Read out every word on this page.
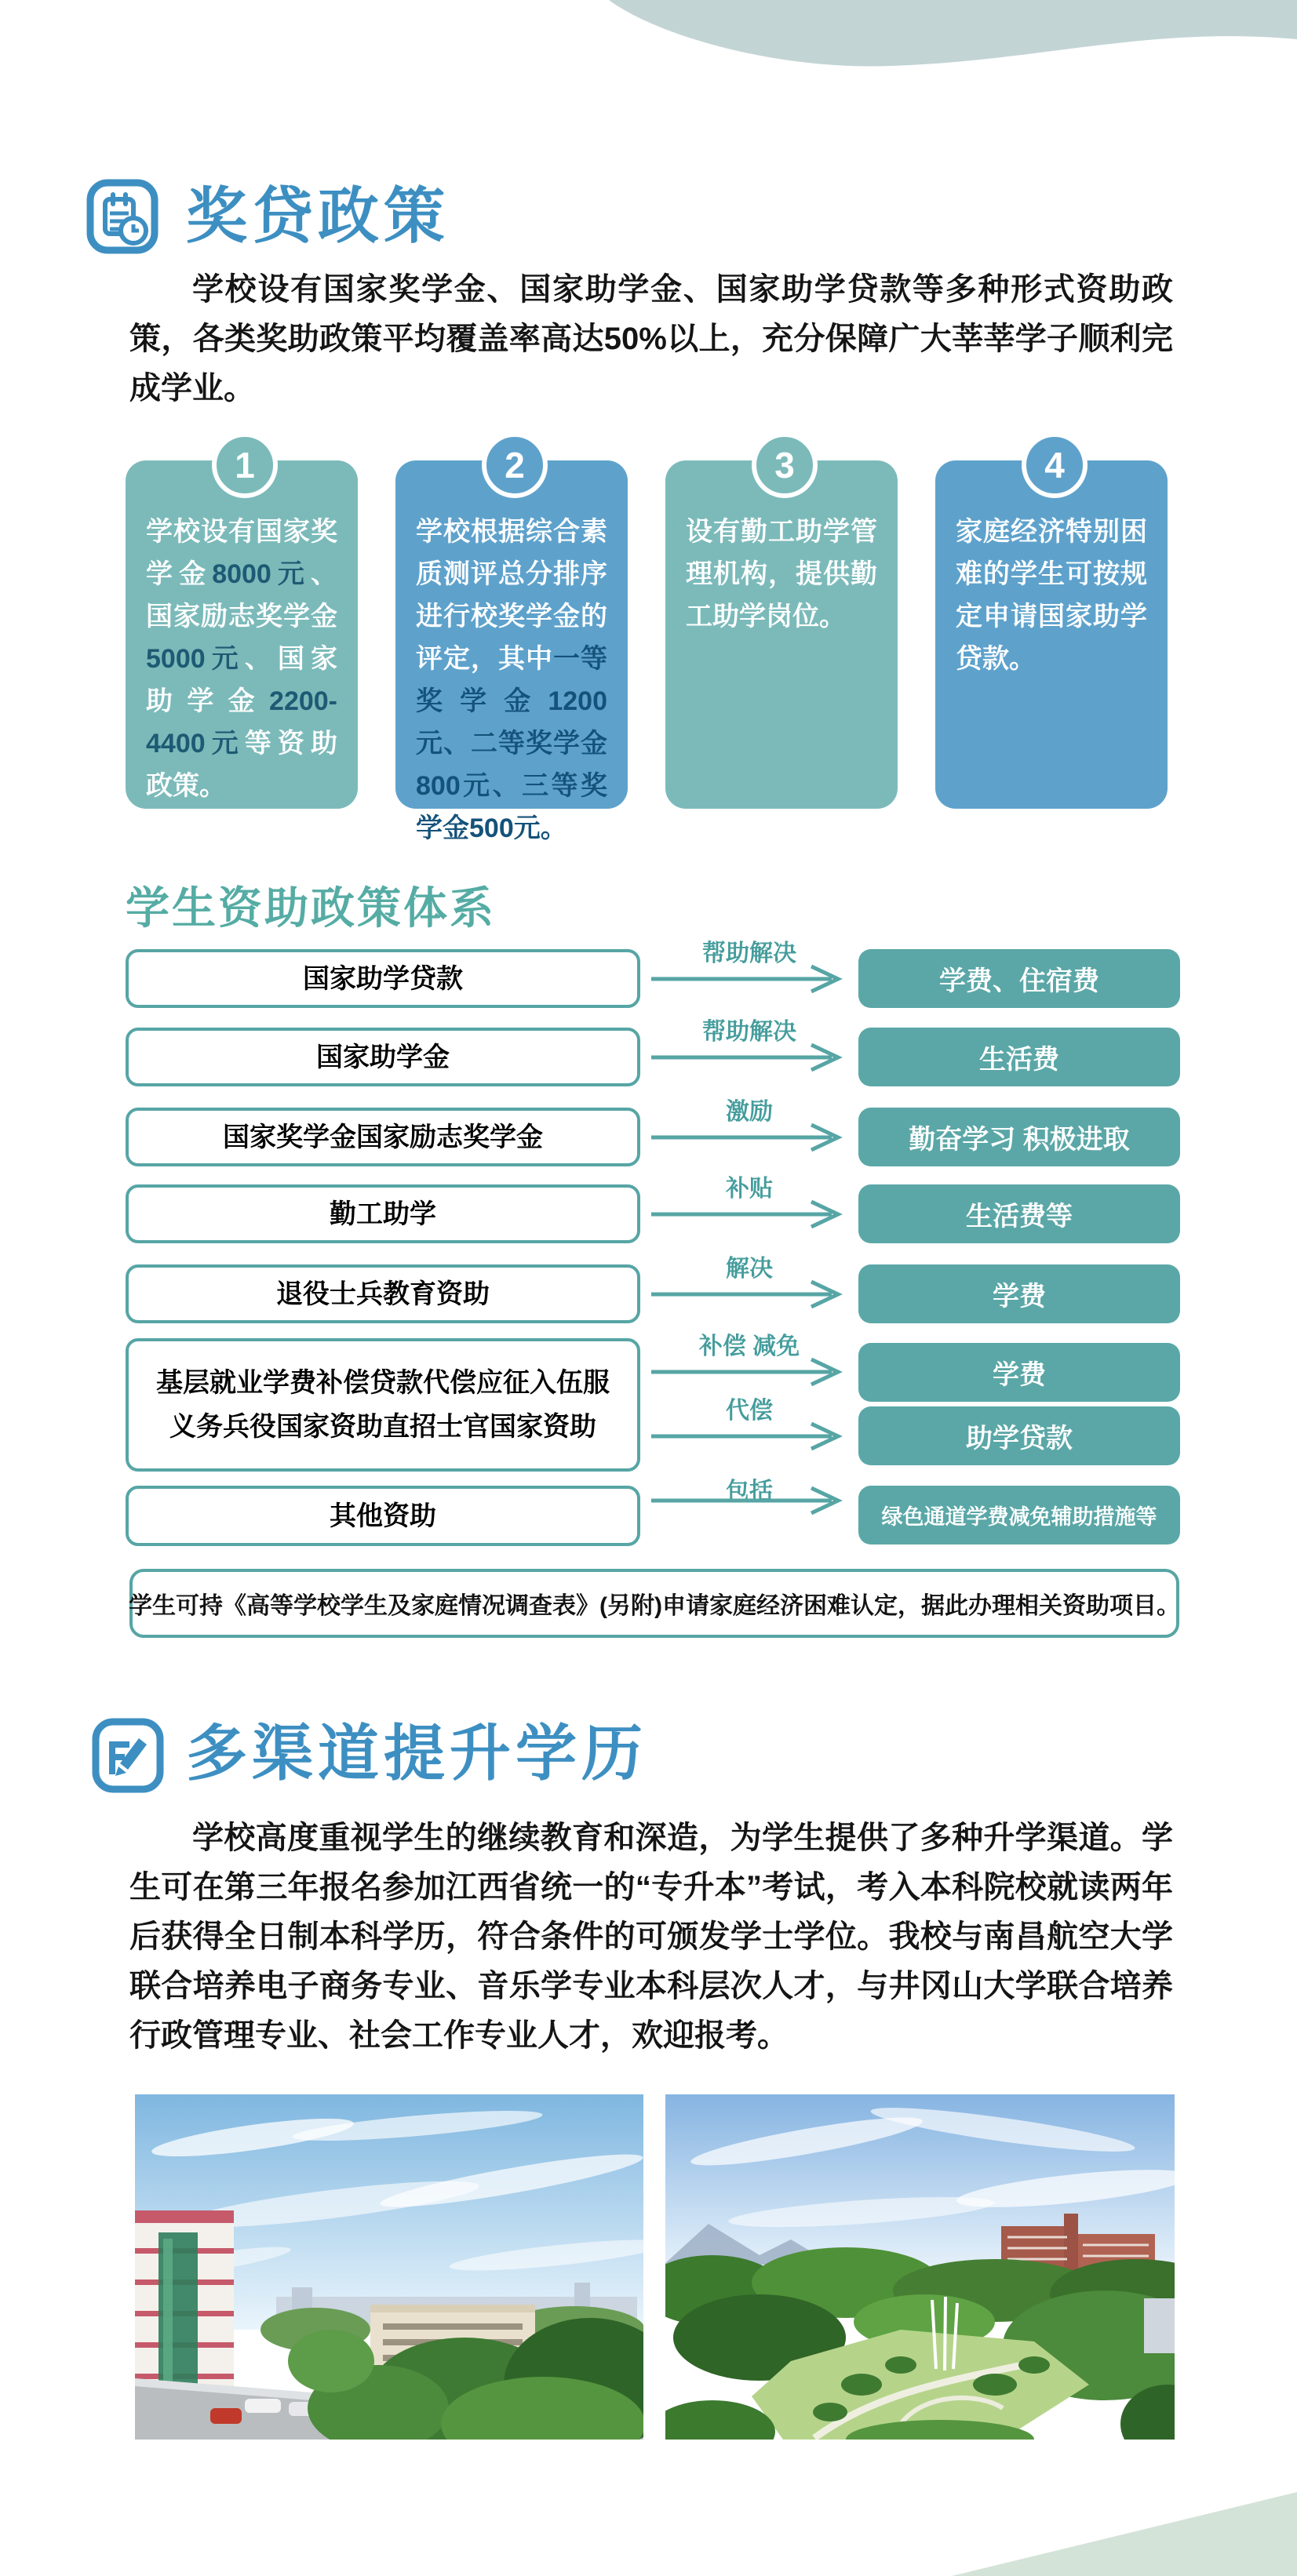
奖贷政策
学校设有国家奖学金、国家助学金、国家助学贷款等多种形式资助政策，各类奖助政策平均覆盖率高达50%以上，充分保障广大莘莘学子顺利完成学业。
学校设有国家奖学金8000元、国家励志奖学金5000元、国家助学金2200-4400元等资助政策。
学校根据综合素质测评总分排序进行校奖学金的评定，其中一等奖学金1200元、二等奖学金800元、三等奖学金500元。
设有勤工助学管理机构，提供勤工助学岗位。
家庭经济特别困难的学生可按规定申请国家助学贷款。
1	2	3	4
学生资助政策体系
国家助学贷款
国家助学金
国家奖学金国家励志奖学金
勤工助学
退役士兵教育资助
基层就业学费补偿贷款代偿应征入伍服义务兵役国家资助直招士官国家资助
其他资助
帮助解决
帮助解决
激励
补贴
解决
补偿 减免
代偿
包括
学费、住宿费
生活费
勤奋学习 积极进取
生活费等
学费
学费
助学贷款
绿色通道学费减免辅助措施等
学生可持《高等学校学生及家庭情况调查表》(另附)申请家庭经济困难认定，据此办理相关资助项目。
多渠道提升学历
学校高度重视学生的继续教育和深造，为学生提供了多种升学渠道。学生可在第三年报名参加江西省统一的“专升本”考试，考入本科院校就读两年后获得全日制本科学历，符合条件的可颁发学士学位。我校与南昌航空大学联合培养电子商务专业、音乐学专业本科层次人才，与井冈山大学联合培养行政管理专业、社会工作专业人才，欢迎报考。
